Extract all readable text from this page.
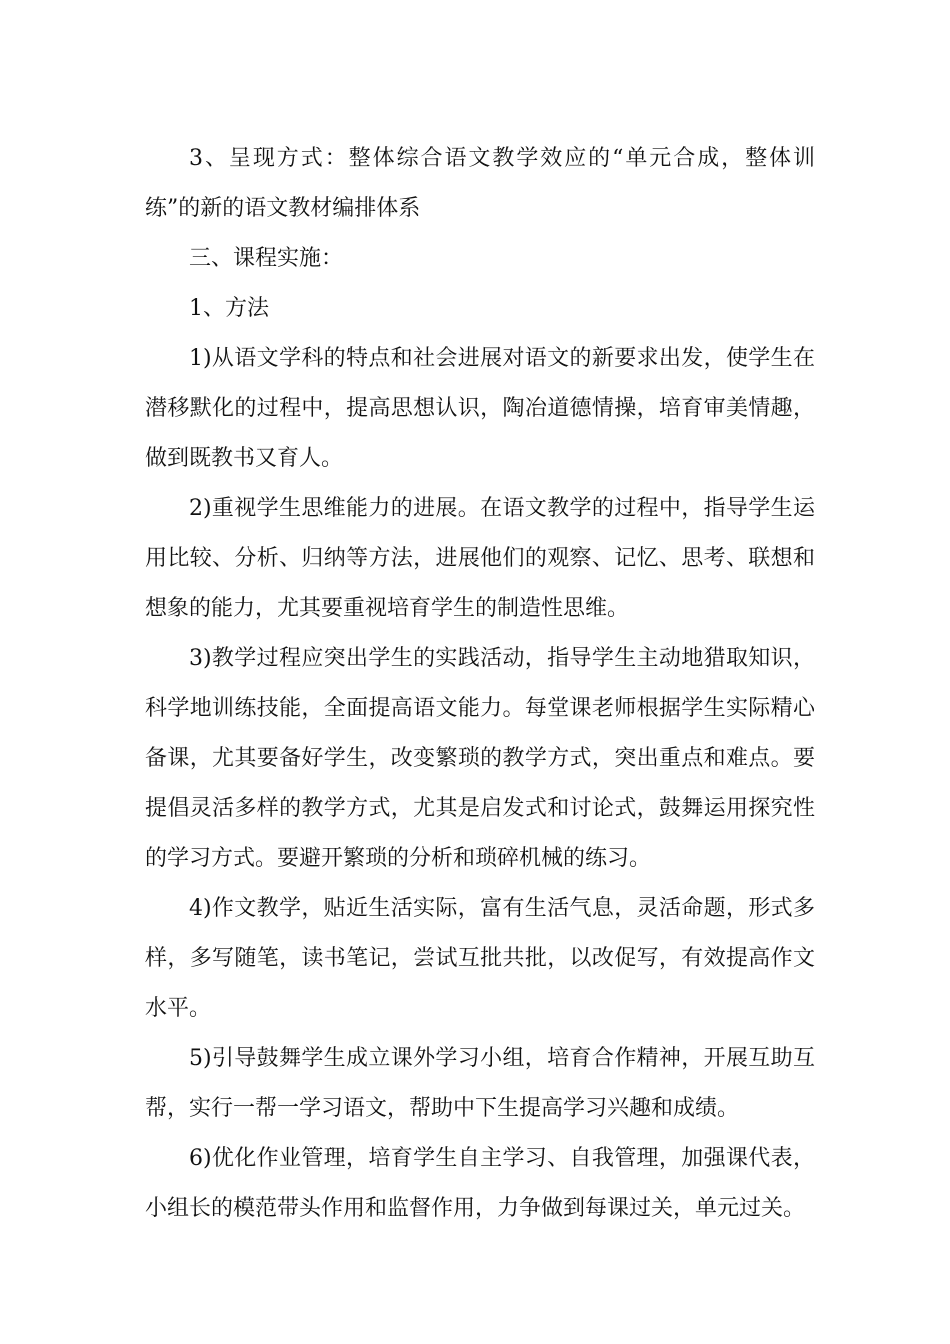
3、呈现方式：整体综合语文教学效应的“单元合成，整体训练”的新的语文教材编排体系

三、课程实施：

1、方法

1)从语文学科的特点和社会进展对语文的新要求出发，使学生在潜移默化的过程中，提高思想认识，陶冶道德情操，培育审美情趣，做到既教书又育人。

2)重视学生思维能力的进展。在语文教学的过程中，指导学生运用比较、分析、归纳等方法，进展他们的观察、记忆、思考、联想和想象的能力，尤其要重视培育学生的制造性思维。

3)教学过程应突出学生的实践活动，指导学生主动地猎取知识，科学地训练技能，全面提高语文能力。每堂课老师根据学生实际精心备课，尤其要备好学生，改变繁琐的教学方式，突出重点和难点。要提倡灵活多样的教学方式，尤其是启发式和讨论式，鼓舞运用探究性的学习方式。要避开繁琐的分析和琐碎机械的练习。

4)作文教学，贴近生活实际，富有生活气息，灵活命题，形式多样，多写随笔，读书笔记，尝试互批共批，以改促写，有效提高作文水平。

5)引导鼓舞学生成立课外学习小组，培育合作精神，开展互助互帮，实行一帮一学习语文，帮助中下生提高学习兴趣和成绩。

6)优化作业管理，培育学生自主学习、自我管理，加强课代表，小组长的模范带头作用和监督作用，力争做到每课过关，单元过关。
